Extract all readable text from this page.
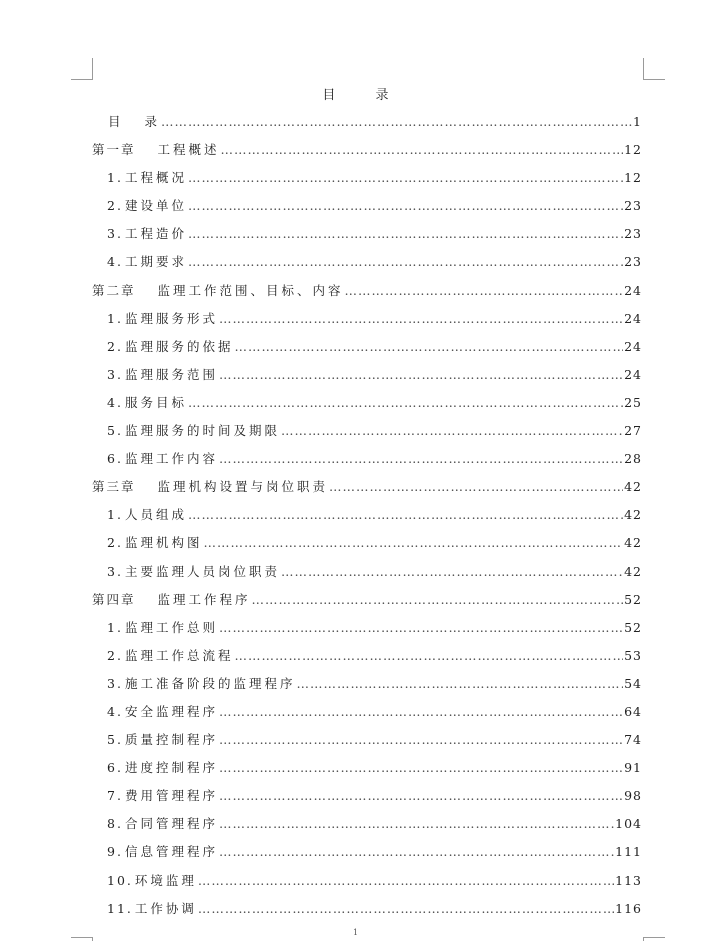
目 录
目 录 ………………………………………………………………………………………………………………………………………………………………………………………………………………	1
第一章 工程概述 ………………………………………………………………………………………………………………………………………………………………………………………………………………	12
1. 工程概况 ………………………………………………………………………………………………………………………………………………………………………………………………………………	12
2. 建设单位 ………………………………………………………………………………………………………………………………………………………………………………………………………………	23
3. 工程造价 ………………………………………………………………………………………………………………………………………………………………………………………………………………	23
4. 工期要求 ………………………………………………………………………………………………………………………………………………………………………………………………………………	23
第二章 监理工作范围、目标、内容 ………………………………………………………………………………………………………………………………………………………………………………………………………………	24
1. 监理服务形式 ………………………………………………………………………………………………………………………………………………………………………………………………………………	24
2. 监理服务的依据 ………………………………………………………………………………………………………………………………………………………………………………………………………………	24
3. 监理服务范围 ………………………………………………………………………………………………………………………………………………………………………………………………………………	24
4. 服务目标 ………………………………………………………………………………………………………………………………………………………………………………………………………………	25
5. 监理服务的时间及期限 ………………………………………………………………………………………………………………………………………………………………………………………………………………	27
6. 监理工作内容 ………………………………………………………………………………………………………………………………………………………………………………………………………………	28
第三章 监理机构设置与岗位职责 ………………………………………………………………………………………………………………………………………………………………………………………………………………	42
1. 人员组成 ………………………………………………………………………………………………………………………………………………………………………………………………………………	42
2. 监理机构图 ………………………………………………………………………………………………………………………………………………………………………………………………………………	42
3. 主要监理人员岗位职责 ………………………………………………………………………………………………………………………………………………………………………………………………………………	42
第四章 监理工作程序 ………………………………………………………………………………………………………………………………………………………………………………………………………………	52
1. 监理工作总则 ………………………………………………………………………………………………………………………………………………………………………………………………………………	52
2. 监理工作总流程 ………………………………………………………………………………………………………………………………………………………………………………………………………………	53
3. 施工准备阶段的监理程序 ………………………………………………………………………………………………………………………………………………………………………………………………………………	54
4. 安全监理程序 ………………………………………………………………………………………………………………………………………………………………………………………………………………	64
5. 质量控制程序 ………………………………………………………………………………………………………………………………………………………………………………………………………………	74
6. 进度控制程序 ………………………………………………………………………………………………………………………………………………………………………………………………………………	91
7. 费用管理程序 ………………………………………………………………………………………………………………………………………………………………………………………………………………	98
8. 合同管理程序 ………………………………………………………………………………………………………………………………………………………………………………………………………………	104
9. 信息管理程序 ………………………………………………………………………………………………………………………………………………………………………………………………………………	111
10. 环境监理 ………………………………………………………………………………………………………………………………………………………………………………………………………………	113
11. 工作协调 ………………………………………………………………………………………………………………………………………………………………………………………………………………	116
1
